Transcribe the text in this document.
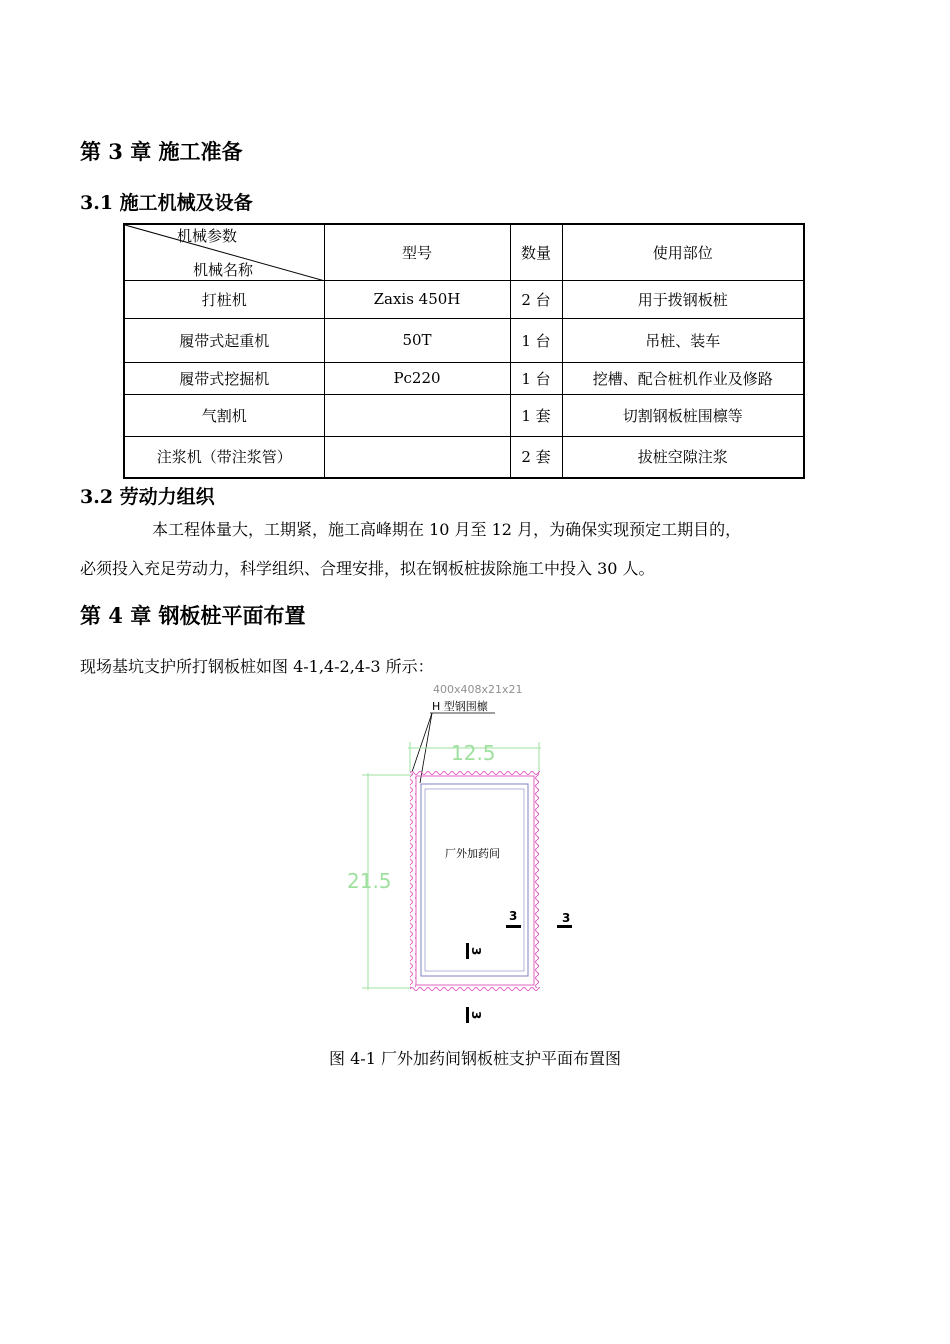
第 3 章 施工准备
3.1 施工机械及设备
机械参数
机械名称	型号	数量	使用部位
打桩机	Zaxis 450H	2 台	用于拨钢板桩
履带式起重机	50T	1 台	吊桩、装车
履带式挖掘机	Pc220	1 台	挖槽、配合桩机作业及修路
气割机		1 套	切割钢板桩围檩等
注浆机（带注浆管）		2 套	拔桩空隙注浆
3.2 劳动力组织

本工程体量大，工期紧，施工高峰期在 10 月至 12 月，为确保实现预定工期目的，

必须投入充足劳动力，科学组织、合理安排，拟在钢板桩拔除施工中投入 30 人。

第 4 章 钢板桩平面布置

现场基坑支护所打钢板桩如图 4-1,4-2,4-3 所示：

400x408x21x21
H 型钢围檩
12.5
21.5
厂外加药间
3	3
3
3
图 4-1 厂外加药间钢板桩支护平面布置图
